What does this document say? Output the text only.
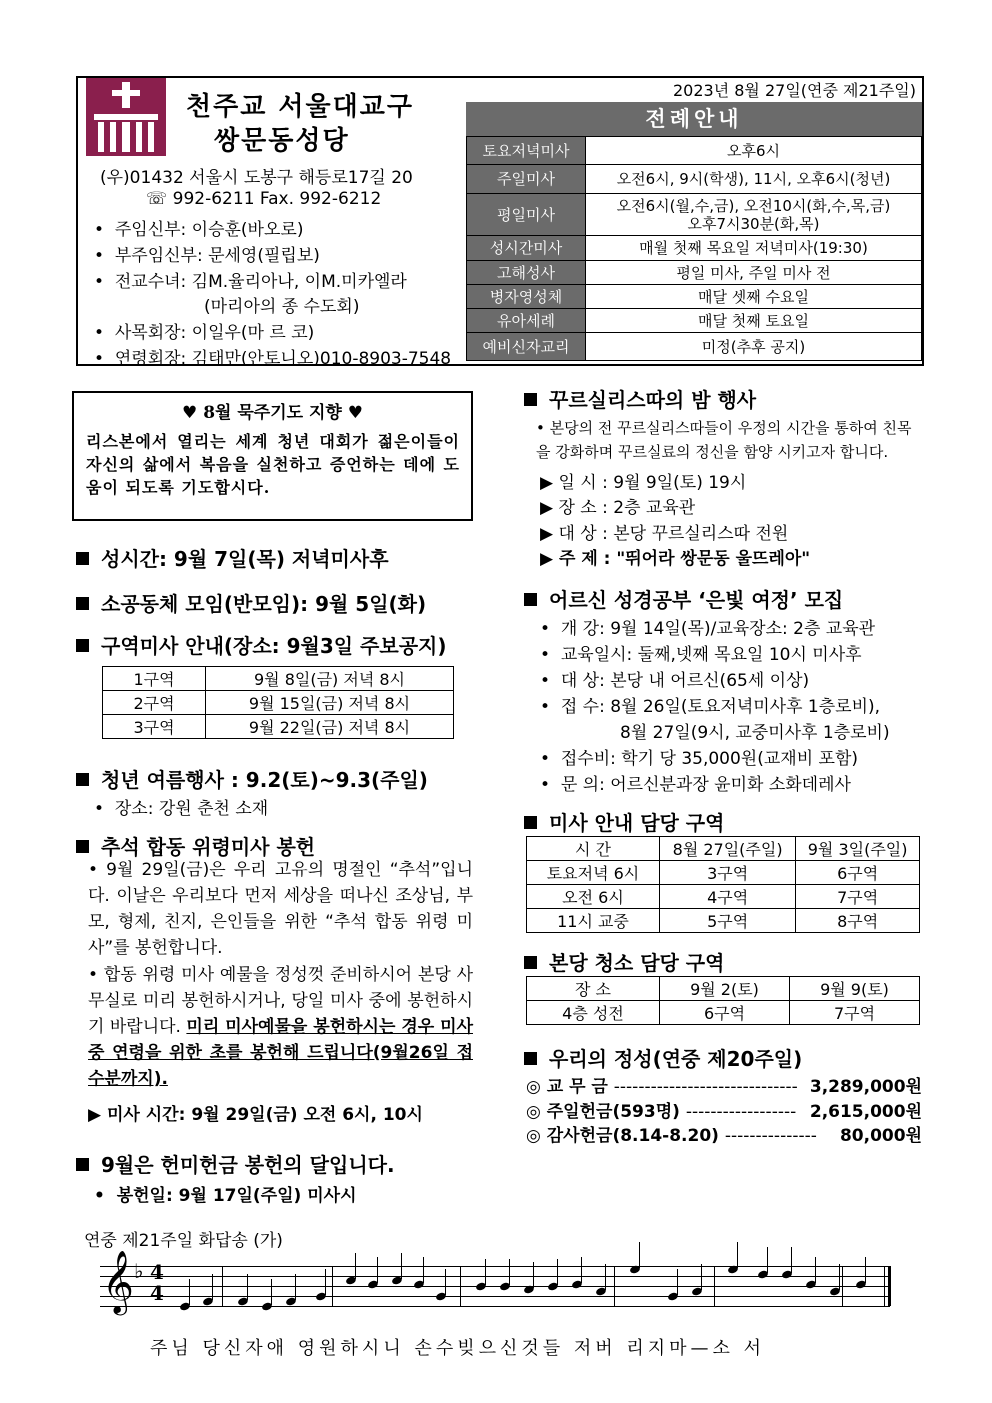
천주교 서울대교구
쌍문동성당
(우)01432 서울시 도봉구 해등로17길 20
☏ 992-6211 Fax. 992-6212
•  주임신부: 이승훈(바오로)
•  부주임신부: 문세영(필립보)
•  전교수녀: 김M.율리아나, 이M.미카엘라
(마리아의 종 수도회)
•  사목회장: 이일우(마 르 코)
•  연령회장: 김태만(안토니오)010-8903-7548
2023년 8월 27일(연중 제21주일)
전례안내
토요저녁미사	오후6시
주일미사	오전6시, 9시(학생), 11시, 오후6시(청년)
평일미사	오전6시(월,수,금), 오전10시(화,수,목,금)
오후7시30분(화,목)

성시간미사	매월 첫째 목요일 저녁미사(19:30)
고해성사	평일 미사, 주일 미사 전
병자영성체	매달 셋째 수요일
유아세례	매달 첫째 토요일
예비신자교리	미정(추후 공지)
♥ 8월 묵주기도 지향 ♥
리스본에서 열리는 세계 청년 대회가 젊은이들이 자신의 삶에서 복음을 실천하고 증언하는 데에 도움이 되도록 기도합시다.
성시간: 9월 7일(목) 저녁미사후
소공동체 모임(반모임): 9월 5일(화)
구역미사 안내(장소: 9월3일 주보공지)
1구역	9월 8일(금) 저녁 8시
2구역	9월 15일(금) 저녁 8시
3구역	9월 22일(금) 저녁 8시
청년 여름행사 : 9.2(토)~9.3(주일)
•  장소: 강원 춘천 소재
추석 합동 위령미사 봉헌
• 9월 29일(금)은 우리 고유의 명절인 “추석”입니다. 이날은 우리보다 먼저 세상을 떠나신 조상님, 부모, 형제, 친지, 은인들을 위한 “추석 합동 위령 미사”를 봉헌합니다.
• 합동 위령 미사 예물을 정성껏 준비하시어 본당 사무실로 미리 봉헌하시거나, 당일 미사 중에 봉헌하시기 바랍니다. 미리 미사예물을 봉헌하시는 경우 미사 중 연령을 위한 초를 봉헌해 드립니다(9월26일 접수분까지).
▶ 미사 시간: 9월 29일(금) 오전 6시, 10시
9월은 헌미헌금 봉헌의 달입니다.
•  봉헌일: 9월 17일(주일) 미사시
꾸르실리스따의 밤 행사
• 본당의 전 꾸르실리스따들이 우정의 시간을 통하여 친목을 강화하며 꾸르실료의 정신을 함양 시키고자 합니다.
▶ 일 시 : 9월 9일(토) 19시
▶ 장 소 : 2층 교육관
▶ 대 상 : 본당 꾸르실리스따 전원
▶ 주 제 : "뛰어라 쌍문동 울뜨레아"
어르신 성경공부 ‘은빛 여정’ 모집
•  개 강: 9월 14일(목)/교육장소: 2층 교육관
•  교육일시: 둘째,넷째 목요일 10시 미사후
•  대 상: 본당 내 어르신(65세 이상)
•  접 수: 8월 26일(토요저녁미사후 1층로비),
8월 27일(9시, 교중미사후 1층로비)
•  접수비: 학기 당 35,000원(교재비 포함)
•  문 의: 어르신분과장 윤미화 소화데레사
미사 안내 담당 구역
시 간	8월 27일(주일)	9월 3일(주일)
토요저녁 6시	3구역	6구역
오전 6시	4구역	7구역
11시 교중	5구역	8구역
본당 청소 담당 구역
장 소	9월 2(토)	9월 9(토)
4층 성전	6구역	7구역
우리의 정성(연중 제20주일)
◎ 교 무 금 ------------------------------ 3,289,000원
◎ 주일헌금(593명) ------------------ 2,615,000원
◎ 감사헌금(8.14-8.20) --------------- 80,000원
연중 제21주일 화답송 (가)
𝄞 ♭ 4
4
주님 당신자애 영원하시니 손수빚으신것들 저버 리지마—소 서
